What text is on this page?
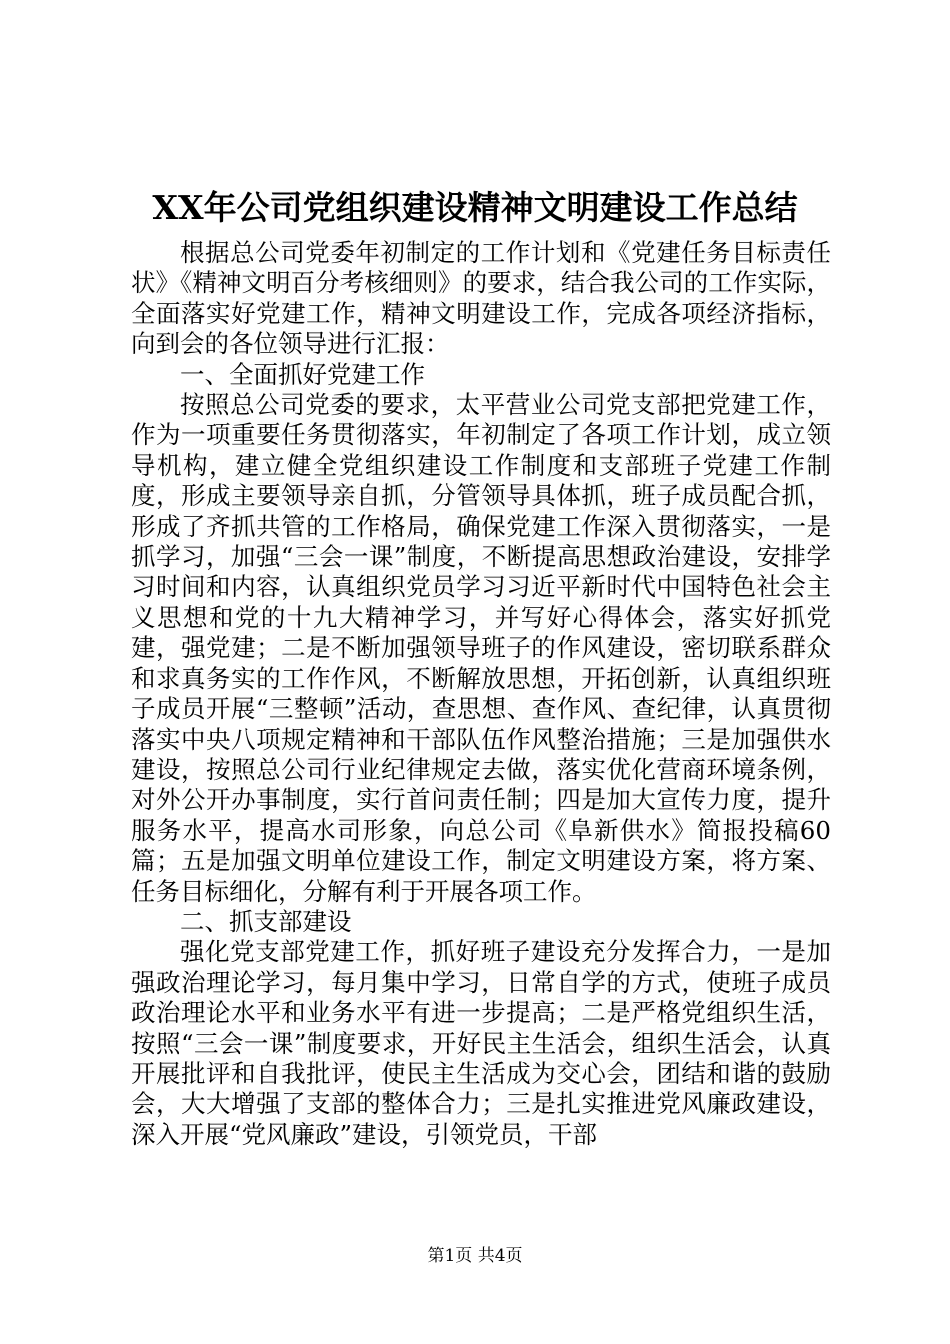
XX年公司党组织建设精神文明建设工作总结

根据总公司党委年初制定的工作计划和《党建任务目标责任状》《精神文明百分考核细则》的要求，结合我公司的工作实际，全面落实好党建工作，精神文明建设工作，完成各项经济指标，向到会的各位领导进行汇报：

一、全面抓好党建工作

按照总公司党委的要求，太平营业公司党支部把党建工作，作为一项重要任务贯彻落实，年初制定了各项工作计划，成立领导机构，建立健全党组织建设工作制度和支部班子党建工作制度，形成主要领导亲自抓，分管领导具体抓，班子成员配合抓，形成了齐抓共管的工作格局，确保党建工作深入贯彻落实，一是抓学习，加强“三会一课”制度，不断提高思想政治建设，安排学习时间和内容，认真组织党员学习习近平新时代中国特色社会主义思想和党的十九大精神学习，并写好心得体会，落实好抓党建，强党建；二是不断加强领导班子的作风建设，密切联系群众和求真务实的工作作风，不断解放思想，开拓创新，认真组织班子成员开展“三整顿”活动，查思想、查作风、查纪律，认真贯彻落实中央八项规定精神和干部队伍作风整治措施；三是加强供水建设，按照总公司行业纪律规定去做，落实优化营商环境条例，对外公开办事制度，实行首问责任制；四是加大宣传力度，提升服务水平，提高水司形象，向总公司《阜新供水》简报投稿60篇；五是加强文明单位建设工作，制定文明建设方案，将方案、任务目标细化，分解有利于开展各项工作。

二、抓支部建设

强化党支部党建工作，抓好班子建设充分发挥合力，一是加强政治理论学习，每月集中学习，日常自学的方式，使班子成员政治理论水平和业务水平有进一步提高；二是严格党组织生活，按照“三会一课”制度要求，开好民主生活会，组织生活会，认真开展批评和自我批评，使民主生活成为交心会，团结和谐的鼓励会，大大增强了支部的整体合力；三是扎实推进党风廉政建设，深入开展“党风廉政”建设，引领党员，干部

第1页 共4页
